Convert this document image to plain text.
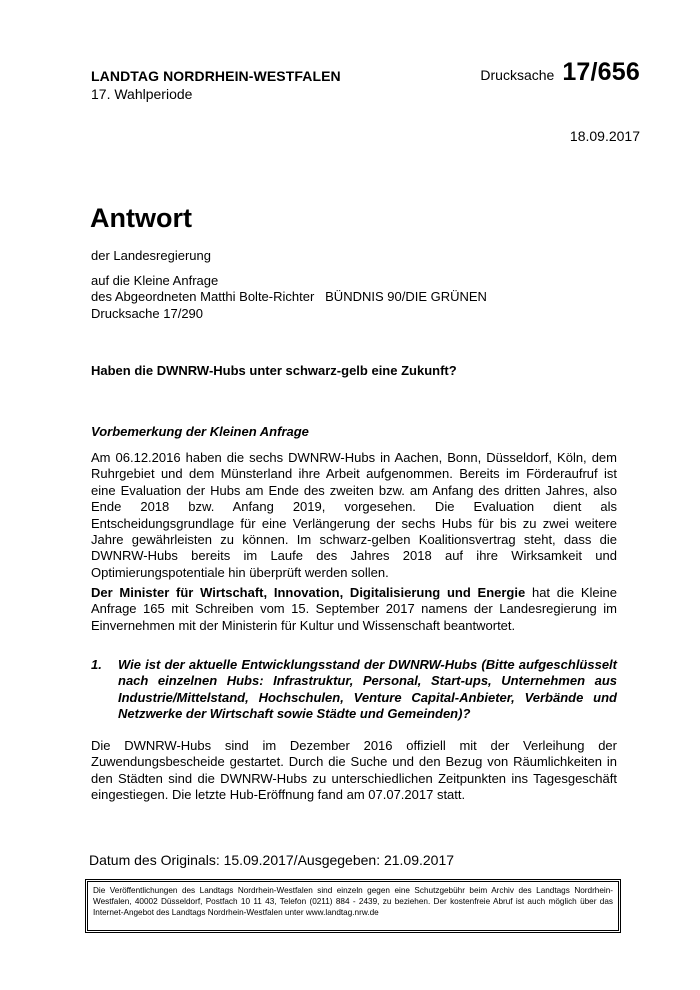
LANDTAG NORDRHEIN-WESTFALEN
17. Wahlperiode
Drucksache 17/656
18.09.2017
Antwort
der Landesregierung
auf die Kleine Anfrage
des Abgeordneten Matthi Bolte-Richter   BÜNDNIS 90/DIE GRÜNEN
Drucksache 17/290
Haben die DWNRW-Hubs unter schwarz-gelb eine Zukunft?
Vorbemerkung der Kleinen Anfrage
Am 06.12.2016 haben die sechs DWNRW-Hubs in Aachen, Bonn, Düsseldorf, Köln, dem Ruhrgebiet und dem Münsterland ihre Arbeit aufgenommen. Bereits im Förderaufruf ist eine Evaluation der Hubs am Ende des zweiten bzw. am Anfang des dritten Jahres, also Ende 2018 bzw. Anfang 2019, vorgesehen. Die Evaluation dient als Entscheidungsgrundlage für eine Verlängerung der sechs Hubs für bis zu zwei weitere Jahre gewährleisten zu können. Im schwarz-gelben Koalitionsvertrag steht, dass die DWNRW-Hubs bereits im Laufe des Jahres 2018 auf ihre Wirksamkeit und Optimierungspotentiale hin überprüft werden sollen.
Der Minister für Wirtschaft, Innovation, Digitalisierung und Energie hat die Kleine Anfrage 165 mit Schreiben vom 15. September 2017 namens der Landesregierung im Einvernehmen mit der Ministerin für Kultur und Wissenschaft beantwortet.
1. Wie ist der aktuelle Entwicklungsstand der DWNRW-Hubs (Bitte aufgeschlüsselt nach einzelnen Hubs: Infrastruktur, Personal, Start-ups, Unternehmen aus Industrie/Mittelstand, Hochschulen, Venture Capital-Anbieter, Verbände und Netzwerke der Wirtschaft sowie Städte und Gemeinden)?
Die DWNRW-Hubs sind im Dezember 2016 offiziell mit der Verleihung der Zuwendungsbescheide gestartet. Durch die Suche und den Bezug von Räumlichkeiten in den Städten sind die DWNRW-Hubs zu unterschiedlichen Zeitpunkten ins Tagesgeschäft eingestiegen. Die letzte Hub-Eröffnung fand am 07.07.2017 statt.
Datum des Originals: 15.09.2017/Ausgegeben: 21.09.2017
Die Veröffentlichungen des Landtags Nordrhein-Westfalen sind einzeln gegen eine Schutzgebühr beim Archiv des Landtags Nordrhein-Westfalen, 40002 Düsseldorf, Postfach 10 11 43, Telefon (0211) 884 - 2439, zu beziehen. Der kostenfreie Abruf ist auch möglich über das Internet-Angebot des Landtags Nordrhein-Westfalen unter www.landtag.nrw.de
